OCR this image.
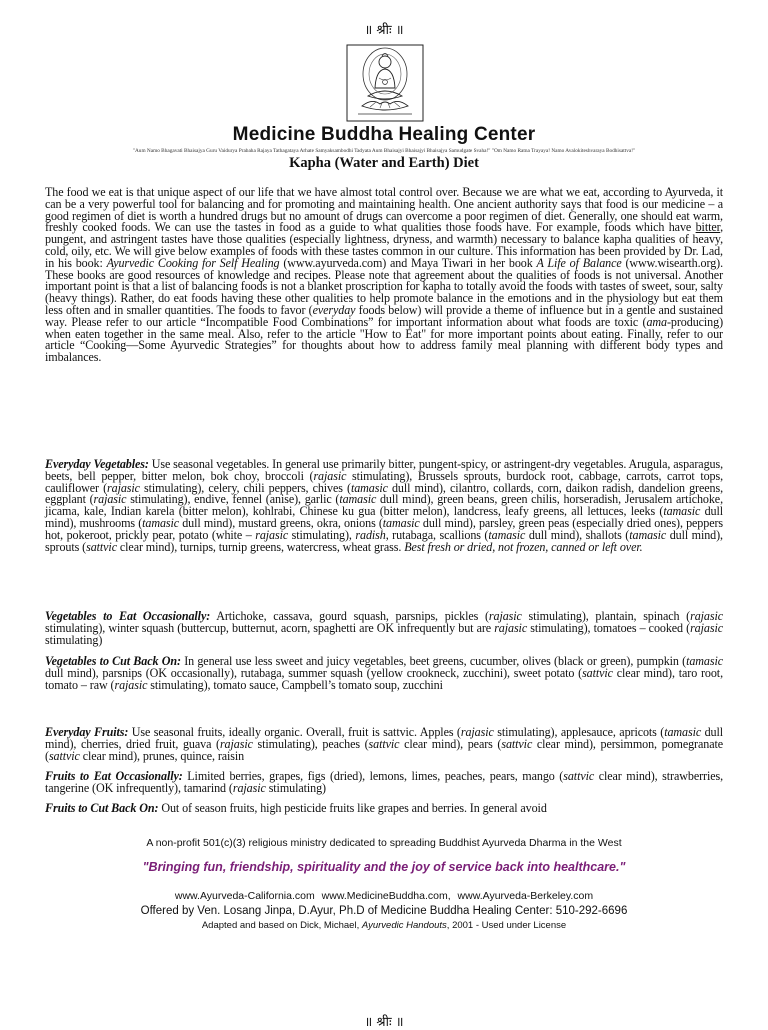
॥ श्रीः ॥
Medicine Buddha Healing Center
"Aum Namo Bhagavati Bhaisajya Guru Vaidurya Prabaha Rajaya Tathagataya Arhate Samyaksambodhi Tadyata Aum Bhaisajyi Bhaisajyi Bhaisajya Samudgate Svaha!" "Om Namo Ratna Trayaya! Namo Avalokiteshvaraya Bodhisattva!"
Kapha (Water and Earth) Diet
The food we eat is that unique aspect of our life that we have almost total control over. Because we are what we eat, according to Ayurveda, it can be a very powerful tool for balancing and for promoting and maintaining health. One ancient authority says that food is our medicine – a good regimen of diet is worth a hundred drugs but no amount of drugs can overcome a poor regimen of diet. Generally, one should eat warm, freshly cooked foods. We can use the tastes in food as a guide to what qualities those foods have. For example, foods which have bitter, pungent, and astringent tastes have those qualities (especially lightness, dryness, and warmth) necessary to balance kapha qualities of heavy, cold, oily, etc. We will give below examples of foods with these tastes common in our culture. This information has been provided by Dr. Lad, in his book: Ayurvedic Cooking for Self Healing (www.ayurveda.com) and Maya Tiwari in her book A Life of Balance (www.wisearth.org). These books are good resources of knowledge and recipes. Please note that agreement about the qualities of foods is not universal. Another important point is that a list of balancing foods is not a blanket proscription for kapha to totally avoid the foods with tastes of sweet, sour, salty (heavy things). Rather, do eat foods having these other qualities to help promote balance in the emotions and in the physiology but eat them less often and in smaller quantities. The foods to favor (everyday foods below) will provide a theme of influence but in a gentle and sustained way. Please refer to our article “Incompatible Food Combinations” for important information about what foods are toxic (ama-producing) when eaten together in the same meal. Also, refer to the article "How to Eat" for more important points about eating. Finally, refer to our article “Cooking—Some Ayurvedic Strategies” for thoughts about how to address family meal planning with different body types and imbalances.
Everyday Vegetables: Use seasonal vegetables. In general use primarily bitter, pungent-spicy, or astringent-dry vegetables. Arugula, asparagus, beets, bell pepper, bitter melon, bok choy, broccoli (rajasic stimulating), Brussels sprouts, burdock root, cabbage, carrots, carrot tops, cauliflower (rajasic stimulating), celery, chili peppers, chives (tamasic dull mind), cilantro, collards, corn, daikon radish, dandelion greens, eggplant (rajasic stimulating), endive, fennel (anise), garlic (tamasic dull mind), green beans, green chilis, horseradish, Jerusalem artichoke, jicama, kale, Indian karela (bitter melon), kohlrabi, Chinese ku gua (bitter melon), landcress, leafy greens, all lettuces, leeks (tamasic dull mind), mushrooms (tamasic dull mind), mustard greens, okra, onions (tamasic dull mind), parsley, green peas (especially dried ones), peppers hot, pokeroot, prickly pear, potato (white – rajasic stimulating), radish, rutabaga, scallions (tamasic dull mind), shallots (tamasic dull mind), sprouts (sattvic clear mind), turnips, turnip greens, watercress, wheat grass. Best fresh or dried, not frozen, canned or left over.
Vegetables to Eat Occasionally: Artichoke, cassava, gourd squash, parsnips, pickles (rajasic stimulating), plantain, spinach (rajasic stimulating), winter squash (buttercup, butternut, acorn, spaghetti are OK infrequently but are rajasic stimulating), tomatoes – cooked (rajasic stimulating)
Vegetables to Cut Back On: In general use less sweet and juicy vegetables, beet greens, cucumber, olives (black or green), pumpkin (tamasic dull mind), parsnips (OK occasionally), rutabaga, summer squash (yellow crookneck, zucchini), sweet potato (sattvic clear mind), taro root, tomato – raw (rajasic stimulating), tomato sauce, Campbell’s tomato soup, zucchini
Everyday Fruits: Use seasonal fruits, ideally organic. Overall, fruit is sattvic. Apples (rajasic stimulating), applesauce, apricots (tamasic dull mind), cherries, dried fruit, guava (rajasic stimulating), peaches (sattvic clear mind), pears (sattvic clear mind), persimmon, pomegranate (sattvic clear mind), prunes, quince, raisin
Fruits to Eat Occasionally: Limited berries, grapes, figs (dried), lemons, limes, peaches, pears, mango (sattvic clear mind), strawberries, tangerine (OK infrequently), tamarind (rajasic stimulating)
Fruits to Cut Back On: Out of season fruits, high pesticide fruits like grapes and berries. In general avoid
A non-profit 501(c)(3) religious ministry dedicated to spreading Buddhist Ayurveda Dharma in the West
"Bringing fun, friendship, spirituality and the joy of service back into healthcare."
www.Ayurveda-California.com www.MedicineBuddha.com, www.Ayurveda-Berkeley.com
Offered by Ven. Losang Jinpa, D.Ayur, Ph.D of Medicine Buddha Healing Center: 510-292-6696
Adapted and based on Dick, Michael, Ayurvedic Handouts, 2001 - Used under License
॥ श्रीः ॥
